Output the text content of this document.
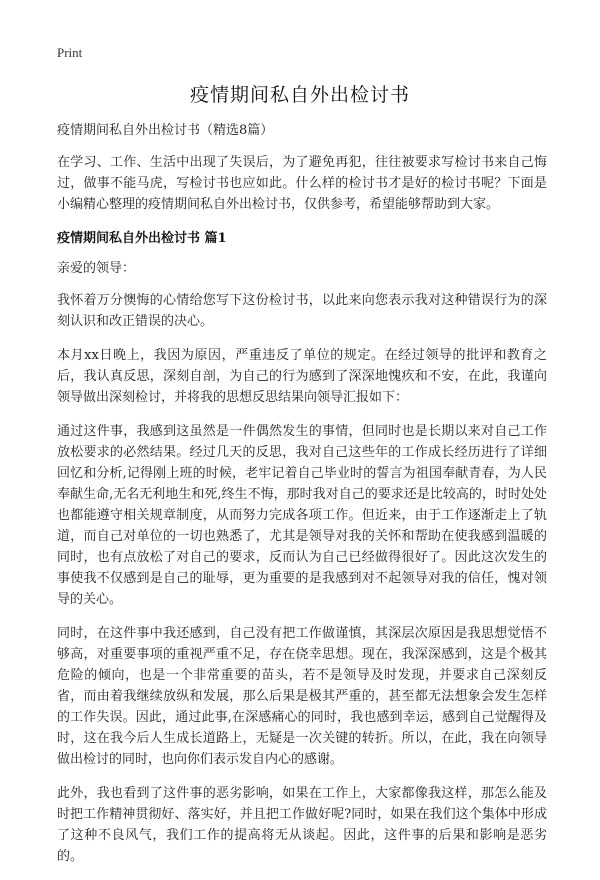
Print
疫情期间私自外出检讨书

疫情期间私自外出检讨书（精选8篇）

在学习、工作、生活中出现了失误后，为了避免再犯，往往被要求写检讨书来自己悔过，做事不能马虎，写检讨书也应如此。什么样的检讨书才是好的检讨书呢？下面是小编精心整理的疫情期间私自外出检讨书，仅供参考，希望能够帮助到大家。

疫情期间私自外出检讨书 篇1

亲爱的领导：

我怀着万分懊悔的心情给您写下这份检讨书，以此来向您表示我对这种错误行为的深刻认识和改正错误的决心。

本月xx日晚上，我因为原因，严重违反了单位的规定。在经过领导的批评和教育之后，我认真反思，深刻自剖，为自己的行为感到了深深地愧疚和不安，在此，我谨向领导做出深刻检讨，并将我的思想反思结果向领导汇报如下：

通过这件事，我感到这虽然是一件偶然发生的事情，但同时也是长期以来对自己工作放松要求的必然结果。经过几天的反思，我对自己这些年的工作成长经历进行了详细回忆和分析,记得刚上班的时候，老牢记着自己毕业时的誓言为祖国奉献青春，为人民奉献生命,无名无利地生和死,终生不悔，那时我对自己的要求还是比较高的，时时处处也都能遵守相关规章制度，从而努力完成各项工作。但近来，由于工作逐渐走上了轨道，而自己对单位的一切也熟悉了，尤其是领导对我的关怀和帮助在使我感到温暖的同时，也有点放松了对自己的要求，反而认为自己已经做得很好了。因此这次发生的事使我不仅感到是自己的耻辱，更为重要的是我感到对不起领导对我的信任，愧对领导的关心。

同时，在这件事中我还感到，自己没有把工作做谨慎，其深层次原因是我思想觉悟不够高，对重要事项的重视严重不足，存在侥幸思想。现在，我深深感到，这是个极其危险的倾向，也是一个非常重要的苗头，若不是领导及时发现，并要求自己深刻反省，而由着我继续放纵和发展，那么后果是极其严重的，甚至都无法想象会发生怎样的工作失误。因此，通过此事,在深感痛心的同时，我也感到幸运，感到自己觉醒得及时，这在我今后人生成长道路上，无疑是一次关键的转折。所以，在此，我在向领导做出检讨的同时，也向你们表示发自内心的感谢。

此外，我也看到了这件事的恶劣影响，如果在工作上，大家都像我这样，那怎么能及时把工作精神贯彻好、落实好，并且把工作做好呢?同时，如果在我们这个集体中形成了这种不良风气，我们工作的提高将无从谈起。因此，这件事的后果和影响是恶劣的。
